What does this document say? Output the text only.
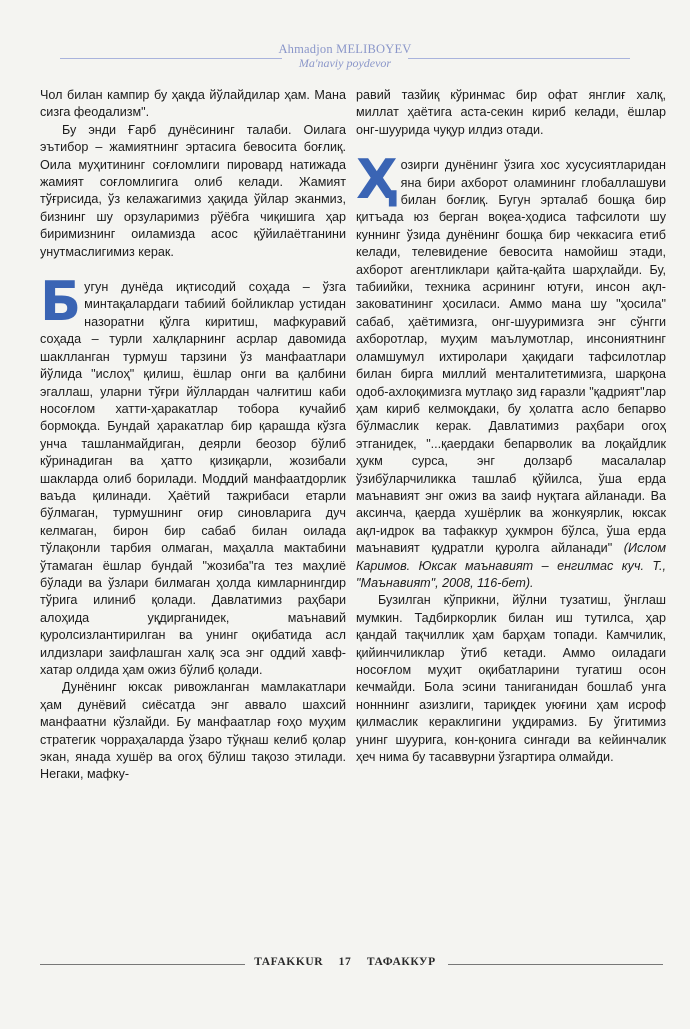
Ahmadjon MELIBOYEV
Ma'naviy poydevor

Чол билан кампир бу ҳақда йўлайдилар ҳам. Мана сизга феодализм".

Бу энди Ғарб дунёсининг талаби. Оилага эътибор – жамиятнинг эртасига бевосита боғлиқ. Оила муҳитининг соғломлиги пировард натижада жамият соғломлигига олиб келади. Жамият тўғрисида, ўз келажагимиз ҳақида ўйлар эканмиз, бизнинг шу орзуларимиз рўёбга чиқишига ҳар биримизнинг оиламизда асос қўйилаётганини унутмаслигимиз керак.

Бугун дунёда иқтисодий соҳада – ўзга минтақалардаги табиий бойликлар устидан назоратни қўлга киритиш, мафкуравий соҳада – турли халқларнинг асрлар давомида шаклланган турмуш тарзини ўз манфаатлари йўлида "ислоҳ" қилиш, ёшлар онги ва қалбини эгаллаш, уларни тўғри йўллардан чалғитиш каби носоғлом хатти-ҳаракатлар тобора кучайиб бормоқда. Бундай ҳаракатлар бир қарашда кўзга унча ташланмайдиган, деярли беозор бўлиб кўринадиган ва ҳатто қизиқарли, жозибали шакларда олиб борилади. Моддий манфаатдорлик ваъда қилинади. Ҳаётий тажрибаси етарли бўлмаган, турмушнинг оғир синовларига дуч келмаган, бирон бир сабаб билан оилада тўлақонли тарбия олмаган, маҳалла мактабини ўтамаган ёшлар бундай "жозиба"га тез маҳлиё бўлади ва ўзлари билмаган ҳолда кимларнингдир тўрига илиниб қолади. Давлатимиз раҳбари алоҳида уқдирганидек, маънавий қуролсизлантирилган ва унинг оқибатида асл илдизлари заифлашган халқ эса энг оддий хавф-хатар олдида ҳам ожиз бўлиб қолади.

Дунёнинг юксак ривожланган мамлакатлари ҳам дунёвий сиёсатда энг аввало шахсий манфаатни кўзлайди. Бу манфаатлар ғоҳо муҳим стратегик чорраҳаларда ўзаро тўқнаш келиб қолар экан, янада хушёр ва огоҳ бўлиш тақозо этилади. Негаки, мафку-

равий тазйиқ кўринмас бир офат янглиғ халқ, миллат ҳаётига аста-секин кириб келади, ёшлар онг-шуурида чуқур илдиз отади.

Ҳозирги дунёнинг ўзига хос хусусиятларидан яна бири ахборот оламининг глобаллашуви билан боғлиқ. Бугун эрталаб бошқа бир қитъада юз берган воқеа-ҳодиса тафсилоти шу куннинг ўзида дунёнинг бошқа бир чеккасига етиб келади, телевидение бевосита намойиш этади, ахборот агентликлари қайта-қайта шарҳлайди. Бу, табиийки, техника асрининг ютуғи, инсон ақл-заковатининг ҳосиласи. Аммо мана шу "ҳосила" сабаб, ҳаётимизга, онг-шууримизга энг сўнгги ахборотлар, муҳим маълумотлар, инсониятнинг оламшумул ихтиролари ҳақидаги тафсилотлар билан бирга миллий менталитетимизга, шарқона одоб-ахлоқимизга мутлақо зид ғаразли "қадрият"лар ҳам кириб келмоқдаки, бу ҳолатга асло бепарво бўлмаслик керак. Давлатимиз раҳбари огоҳ этганидек, "...қаердаки бепарволик ва лоқайдлик ҳукм сурса, энг долзарб масалалар ўзибўларчиликка ташлаб қўйилса, ўша ерда маънавият энг ожиз ва заиф нуқтага айланади. Ва аксинча, қаерда хушёрлик ва жонкуярлик, юксак ақл-идрок ва тафаккур ҳукмрон бўлса, ўша ерда маънавият қудратли қуролга айланади" (Ислом Каримов. Юксак маънавият – енгилмас куч. Т., "Маънавият", 2008, 116-бет).

Бузилган кўприкни, йўлни тузатиш, ўнглаш мумкин. Тадбиркорлик билан иш тутилса, ҳар қандай тақчиллик ҳам барҳам топади. Камчилик, қийинчиликлар ўтиб кетади. Аммо оиладаги носоғлом муҳит оқибатларини тугатиш осон кечмайди. Бола эсини таниганидан бошлаб унга нонннинг азизлиги, тариқдек уюғини ҳам исроф қилмаслик кераклигини уқдирамиз. Бу ўгитимиз унинг шуурига, кон-қонига сингади ва кейинчалик ҳеч нима бу тасаввурни ўзгартира олмайди.

TAFAKKUR 17 ТАФАККУР
